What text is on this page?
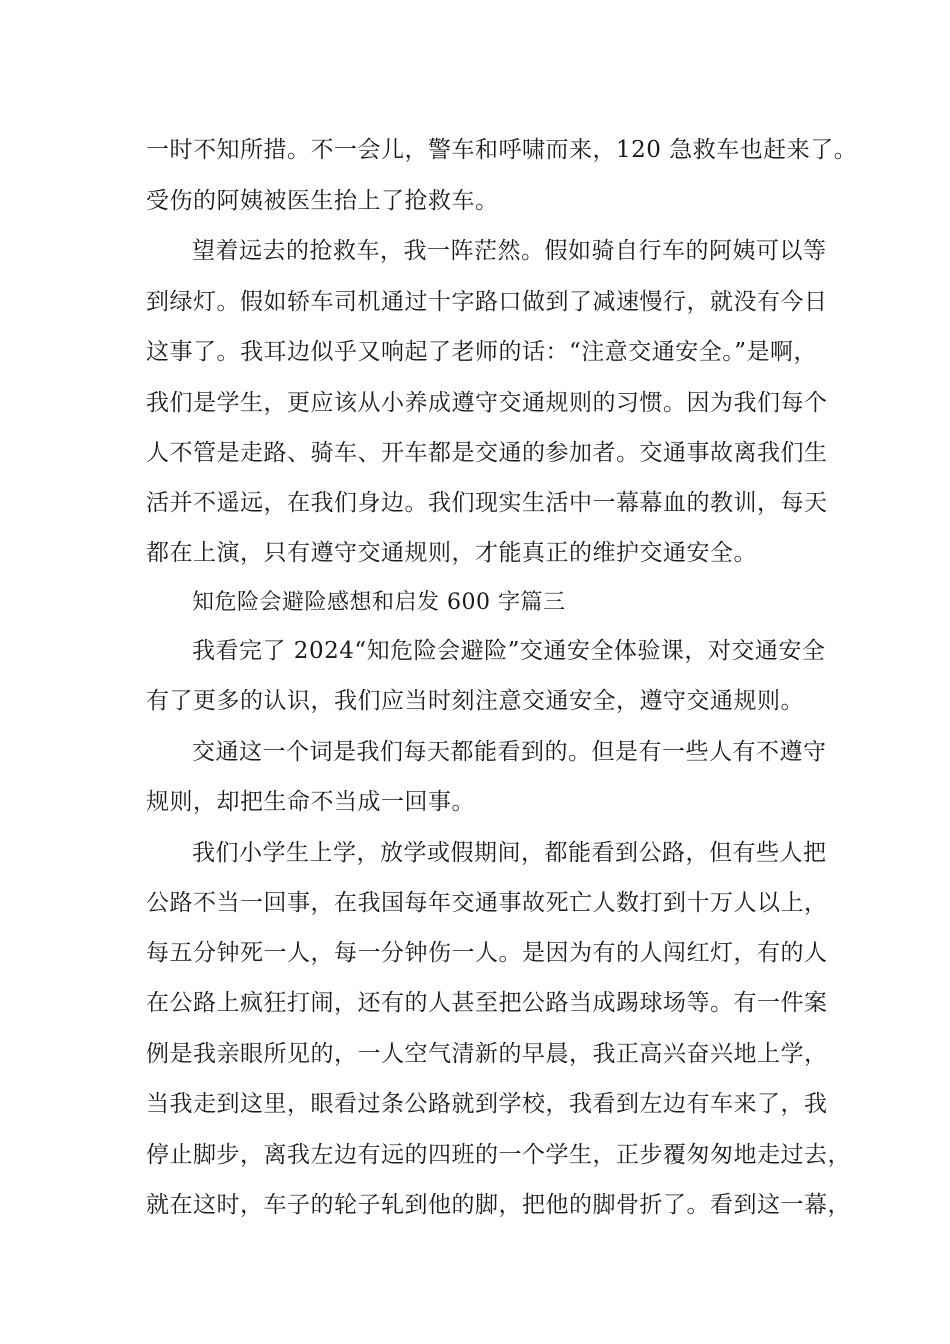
一时不知所措。不一会儿，警车和呼啸而来，120 急救车也赶来了。
受伤的阿姨被医生抬上了抢救车。
望着远去的抢救车，我一阵茫然。假如骑自行车的阿姨可以等
到绿灯。假如轿车司机通过十字路口做到了减速慢行，就没有今日
这事了。我耳边似乎又响起了老师的话：“注意交通安全。”是啊，
我们是学生，更应该从小养成遵守交通规则的习惯。因为我们每个
人不管是走路、骑车、开车都是交通的参加者。交通事故离我们生
活并不遥远，在我们身边。我们现实生活中一幕幕血的教训，每天
都在上演，只有遵守交通规则，才能真正的维护交通安全。
知危险会避险感想和启发 600 字篇三
我看完了 2024“知危险会避险”交通安全体验课，对交通安全
有了更多的认识，我们应当时刻注意交通安全，遵守交通规则。
交通这一个词是我们每天都能看到的。但是有一些人有不遵守
规则，却把生命不当成一回事。
我们小学生上学，放学或假期间，都能看到公路，但有些人把
公路不当一回事，在我国每年交通事故死亡人数打到十万人以上，
每五分钟死一人，每一分钟伤一人。是因为有的人闯红灯，有的人
在公路上疯狂打闹，还有的人甚至把公路当成踢球场等。有一件案
例是我亲眼所见的，一人空气清新的早晨，我正高兴奋兴地上学，
当我走到这里，眼看过条公路就到学校，我看到左边有车来了，我
停止脚步，离我左边有远的四班的一个学生，正步覆匆匆地走过去，
就在这时，车子的轮子轧到他的脚，把他的脚骨折了。看到这一幕，
